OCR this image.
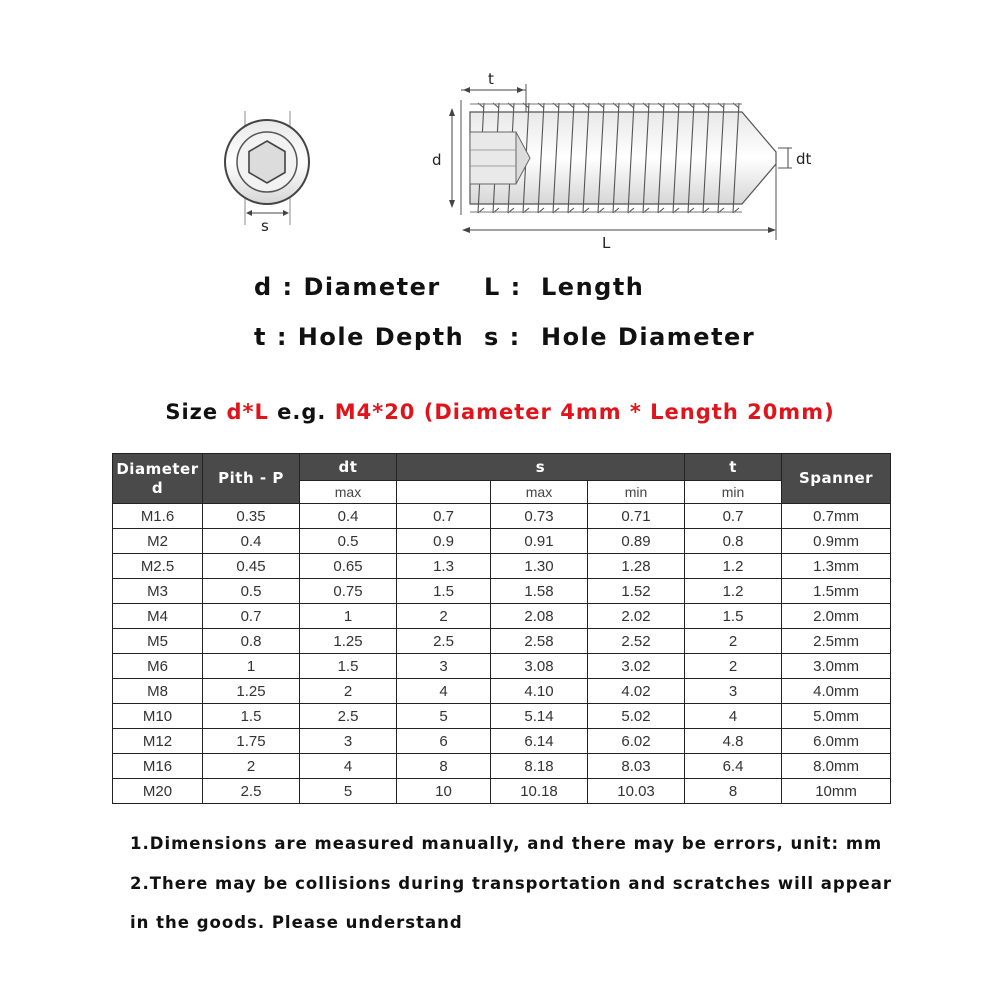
s
d
t
dt
L
d : Diameter L : Length
t : Hole Depth s : Hole Diameter
Size d*L e.g. M4*20 (Diameter 4mm * Length 20mm)
Diameter d	Pith - P	dt	s			t	Spanner
		max		max	min	min	
M1.6	0.35	0.4	0.7	0.73	0.71	0.7	0.7mm
M2	0.4	0.5	0.9	0.91	0.89	0.8	0.9mm
M2.5	0.45	0.65	1.3	1.30	1.28	1.2	1.3mm
M3	0.5	0.75	1.5	1.58	1.52	1.2	1.5mm
M4	0.7	1	2	2.08	2.02	1.5	2.0mm
M5	0.8	1.25	2.5	2.58	2.52	2	2.5mm
M6	1	1.5	3	3.08	3.02	2	3.0mm
M8	1.25	2	4	4.10	4.02	3	4.0mm
M10	1.5	2.5	5	5.14	5.02	4	5.0mm
M12	1.75	3	6	6.14	6.02	4.8	6.0mm
M16	2	4	8	8.18	8.03	6.4	8.0mm
M20	2.5	5	10	10.18	10.03	8	10mm
1.Dimensions are measured manually, and there may be errors, unit: mm
2.There may be collisions during transportation and scratches will appear
in the goods. Please understand
